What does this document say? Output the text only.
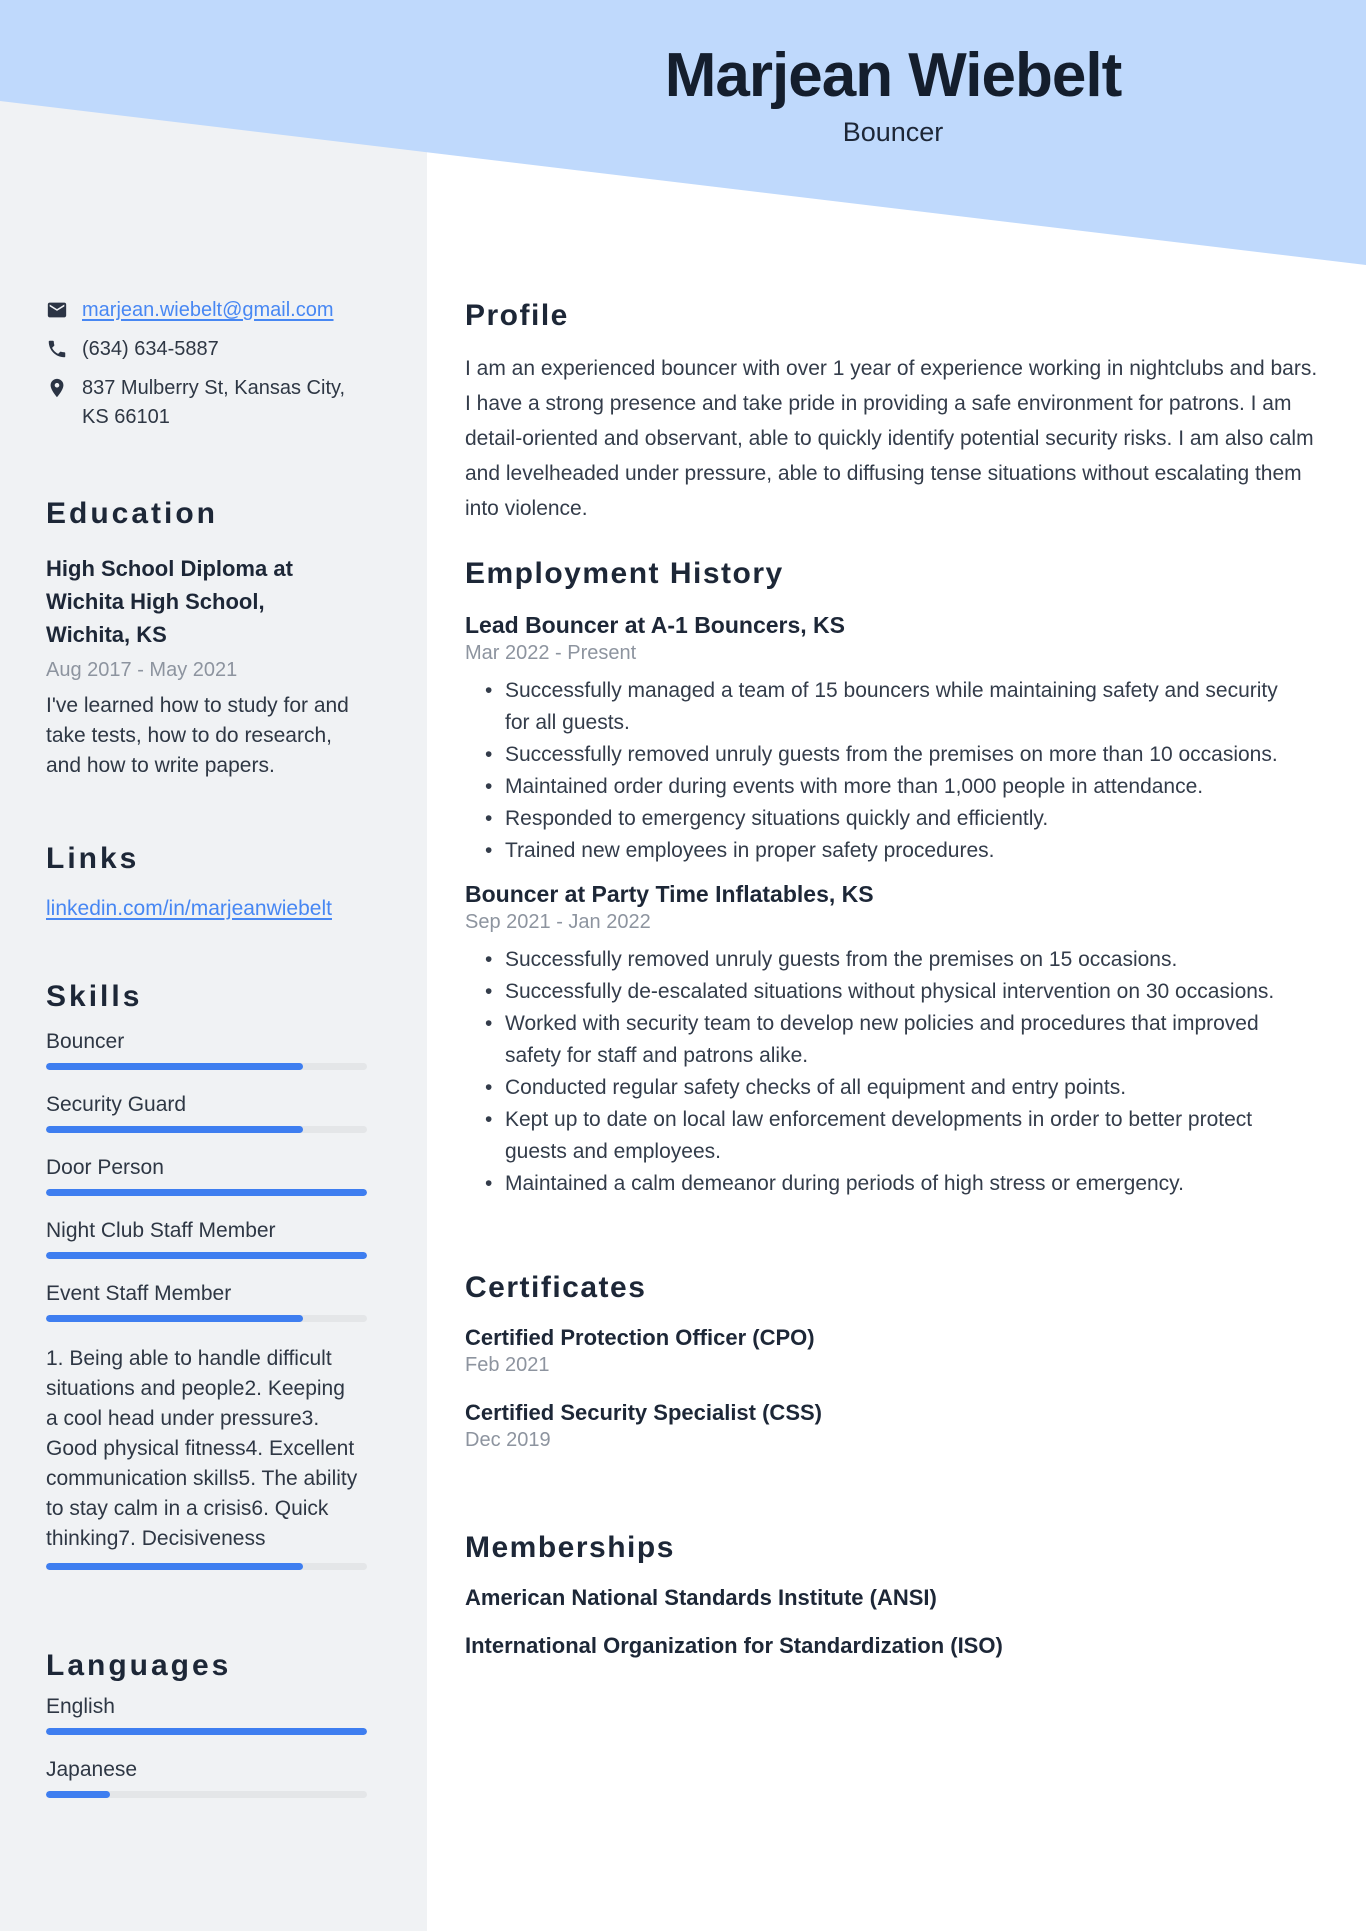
Marjean Wiebelt
Bouncer
marjean.wiebelt@gmail.com
(634) 634-5887
837 Mulberry St, Kansas City, KS 66101
Education
High School Diploma at Wichita High School, Wichita, KS
Aug 2017 - May 2021
I've learned how to study for and take tests, how to do research, and how to write papers.
Links
linkedin.com/in/marjeanwiebelt
Skills
Bouncer
Security Guard
Door Person
Night Club Staff Member
Event Staff Member
1. Being able to handle difficult situations and people2. Keeping a cool head under pressure3. Good physical fitness4. Excellent communication skills5. The ability to stay calm in a crisis6. Quick thinking7. Decisiveness
Languages
English
Japanese
Profile
I am an experienced bouncer with over 1 year of experience working in nightclubs and bars. I have a strong presence and take pride in providing a safe environment for patrons. I am detail-oriented and observant, able to quickly identify potential security risks. I am also calm and levelheaded under pressure, able to diffusing tense situations without escalating them into violence.
Employment History
Lead Bouncer at A-1 Bouncers, KS
Mar 2022 - Present
• Successfully managed a team of 15 bouncers while maintaining safety and security for all guests.
• Successfully removed unruly guests from the premises on more than 10 occasions.
• Maintained order during events with more than 1,000 people in attendance.
• Responded to emergency situations quickly and efficiently.
• Trained new employees in proper safety procedures.
Bouncer at Party Time Inflatables, KS
Sep 2021 - Jan 2022
• Successfully removed unruly guests from the premises on 15 occasions.
• Successfully de-escalated situations without physical intervention on 30 occasions.
• Worked with security team to develop new policies and procedures that improved safety for staff and patrons alike.
• Conducted regular safety checks of all equipment and entry points.
• Kept up to date on local law enforcement developments in order to better protect guests and employees.
• Maintained a calm demeanor during periods of high stress or emergency.
Certificates
Certified Protection Officer (CPO)
Feb 2021
Certified Security Specialist (CSS)
Dec 2019
Memberships
American National Standards Institute (ANSI)
International Organization for Standardization (ISO)
